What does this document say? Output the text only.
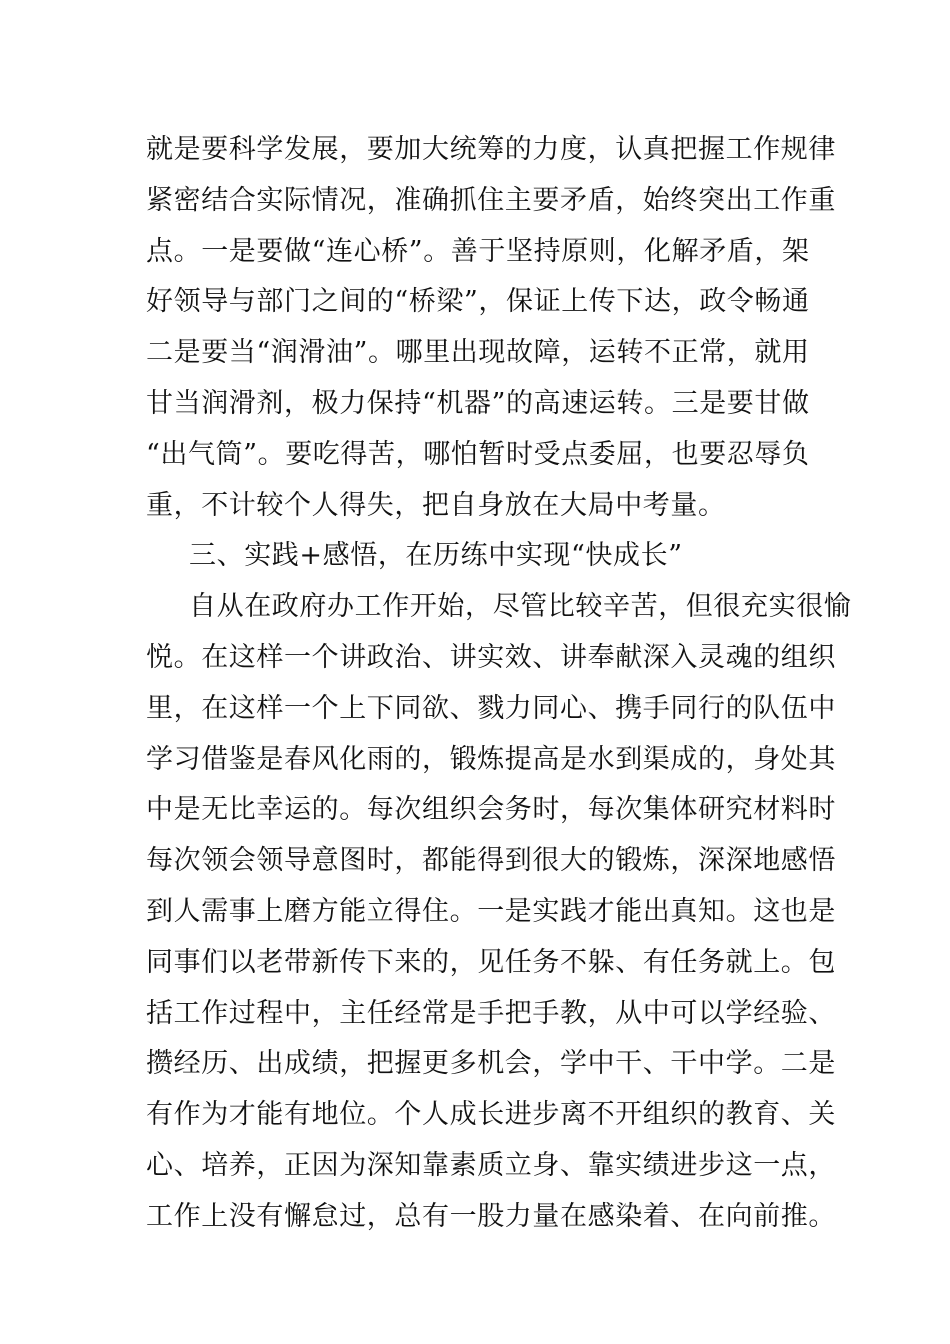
就是要科学发展，要加大统筹的力度，认真把握工作规律
紧密结合实际情况，准确抓住主要矛盾，始终突出工作重
点。一是要做“连心桥”。善于坚持原则，化解矛盾，架
好领导与部门之间的“桥梁”，保证上传下达，政令畅通
二是要当“润滑油”。哪里出现故障，运转不正常，就用
甘当润滑剂，极力保持“机器”的高速运转。三是要甘做
“出气筒”。要吃得苦，哪怕暂时受点委屈，也要忍辱负
重，不计较个人得失，把自身放在大局中考量。
三、实践+感悟，在历练中实现“快成长”
自从在政府办工作开始，尽管比较辛苦，但很充实很愉
悦。在这样一个讲政治、讲实效、讲奉献深入灵魂的组织
里，在这样一个上下同欲、戮力同心、携手同行的队伍中
学习借鉴是春风化雨的，锻炼提高是水到渠成的，身处其
中是无比幸运的。每次组织会务时，每次集体研究材料时
每次领会领导意图时，都能得到很大的锻炼，深深地感悟
到人需事上磨方能立得住。一是实践才能出真知。这也是
同事们以老带新传下来的，见任务不躲、有任务就上。包
括工作过程中，主任经常是手把手教，从中可以学经验、
攒经历、出成绩，把握更多机会，学中干、干中学。二是
有作为才能有地位。个人成长进步离不开组织的教育、关
心、培养，正因为深知靠素质立身、靠实绩进步这一点，
工作上没有懈怠过，总有一股力量在感染着、在向前推。
